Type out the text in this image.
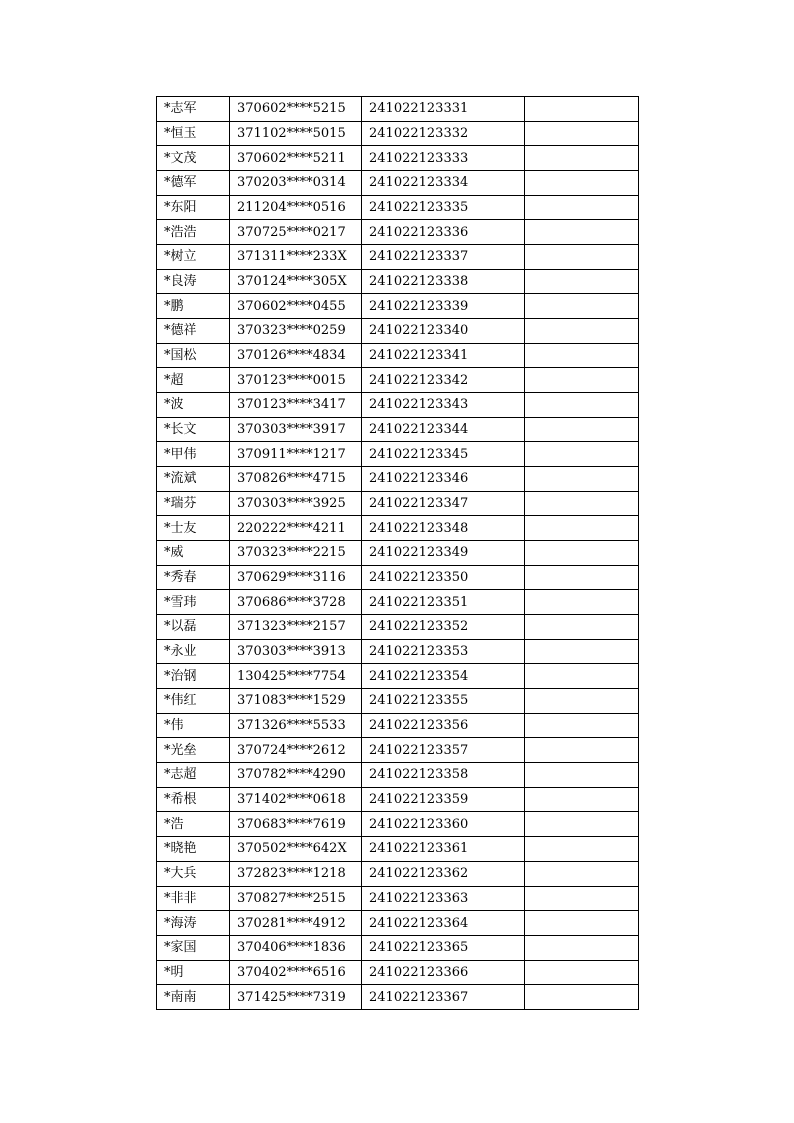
*志军	370602****5215	241022123331	
*恒玉	371102****5015	241022123332	
*文茂	370602****5211	241022123333	
*德军	370203****0314	241022123334	
*东阳	211204****0516	241022123335	
*浩浩	370725****0217	241022123336	
*树立	371311****233X	241022123337	
*良涛	370124****305X	241022123338	
*鹏	370602****0455	241022123339	
*德祥	370323****0259	241022123340	
*国松	370126****4834	241022123341	
*超	370123****0015	241022123342	
*波	370123****3417	241022123343	
*长文	370303****3917	241022123344	
*甲伟	370911****1217	241022123345	
*流斌	370826****4715	241022123346	
*瑞芬	370303****3925	241022123347	
*士友	220222****4211	241022123348	
*威	370323****2215	241022123349	
*秀春	370629****3116	241022123350	
*雪玮	370686****3728	241022123351	
*以磊	371323****2157	241022123352	
*永业	370303****3913	241022123353	
*治钢	130425****7754	241022123354	
*伟红	371083****1529	241022123355	
*伟	371326****5533	241022123356	
*光垒	370724****2612	241022123357	
*志超	370782****4290	241022123358	
*希根	371402****0618	241022123359	
*浩	370683****7619	241022123360	
*晓艳	370502****642X	241022123361	
*大兵	372823****1218	241022123362	
*非非	370827****2515	241022123363	
*海涛	370281****4912	241022123364	
*家国	370406****1836	241022123365	
*明	370402****6516	241022123366	
*南南	371425****7319	241022123367	
